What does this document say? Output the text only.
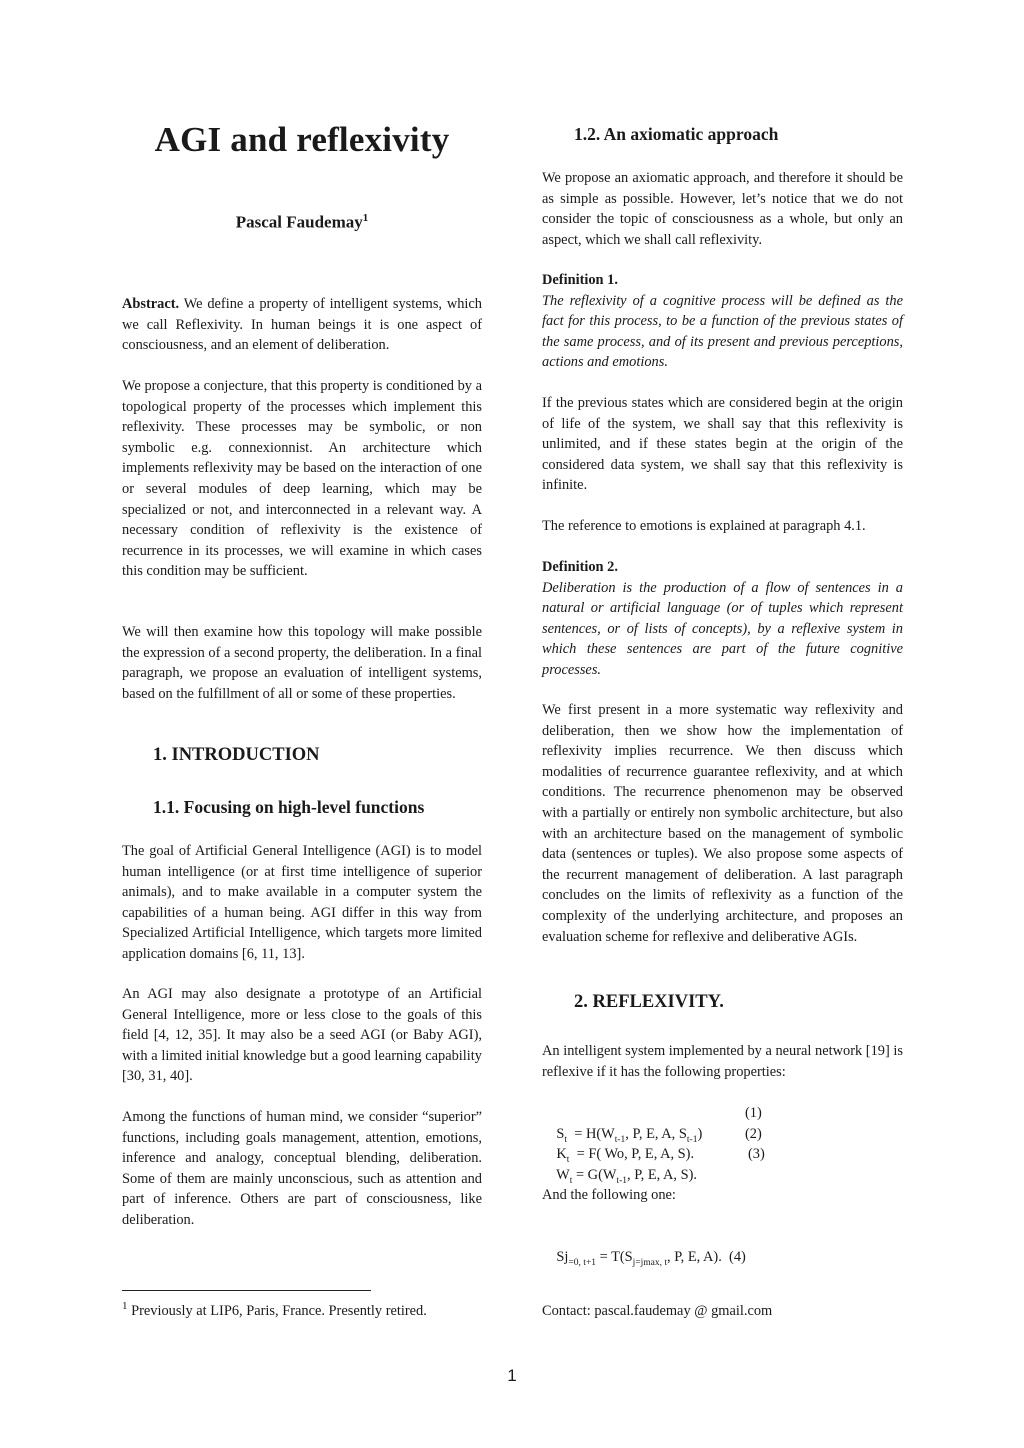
AGI and reflexivity
Pascal Faudemay$^1$

Abstract. We define a property of intelligent systems, which we call Reflexivity. In human beings it is one aspect of consciousness, and an element of deliberation.

We propose a conjecture, that this property is conditioned by a topological property of the processes which implement this reflexivity. These processes may be symbolic, or non symbolic e.g. connexionnist. An architecture which implements reflexivity may be based on the interaction of one or several modules of deep learning, which may be specialized or not, and interconnected in a relevant way. A necessary condition of reflexivity is the existence of recurrence in its processes, we will examine in which cases this condition may be sufficient.

We will then examine how this topology will make possible the expression of a second property, the deliberation. In a final paragraph, we propose an evaluation of intelligent systems, based on the fulfillment of all or some of these properties.

1. INTRODUCTION
1.1. Focusing on high-level functions

The goal of Artificial General Intelligence (AGI) is to model human intelligence (or at first time intelligence of superior animals), and to make available in a computer system the capabilities of a human being. AGI differ in this way from Specialized Artificial Intelligence, which targets more limited application domains [6, 11, 13].

An AGI may also designate a prototype of an Artificial General Intelligence, more or less close to the goals of this field [4, 12, 35]. It may also be a seed AGI (or Baby AGI), with a limited initial knowledge but a good learning capability [30, 31, 40].

Among the functions of human mind, we consider “superior” functions, including goals management, attention, emotions, inference and analogy, conceptual blending, deliberation. Some of them are mainly unconscious, such as attention and part of inference. Others are part of consciousness, like deliberation.

1.2. An axiomatic approach

We propose an axiomatic approach, and therefore it should be as simple as possible. However, let’s notice that we do not consider the topic of consciousness as a whole, but only an aspect, which we shall call reflexivity.

Definition 1.

The reflexivity of a cognitive process will be defined as the fact for this process, to be a function of the previous states of the same process, and of its present and previous perceptions, actions and emotions.

If the previous states which are considered begin at the origin of life of the system, we shall say that this reflexivity is unlimited, and if these states begin at the origin of the considered data system, we shall say that this reflexivity is infinite.

The reference to emotions is explained at paragraph 4.1.

Definition 2.

Deliberation is the production of a flow of sentences in a natural or artificial language (or of tuples which represent sentences, or of lists of concepts), by a reflexive system in which these sentences are part of the future cognitive processes.

We first present in a more systematic way reflexivity and deliberation, then we show how the implementation of reflexivity implies recurrence. We then discuss which modalities of recurrence guarantee reflexivity, and at which conditions. The recurrence phenomenon may be observed with a partially or entirely non symbolic architecture, but also with an architecture based on the management of symbolic data (sentences or tuples). We also propose some aspects of the recurrent management of deliberation. A last paragraph concludes on the limits of reflexivity as a function of the complexity of the underlying architecture, and proposes an evaluation scheme for reflexive and deliberative AGIs.

2. REFLEXIVITY.

An intelligent system implemented by a neural network [19] is reflexive if it has the following properties:

$S_t = H(W_{t-1}$, P, E, A, $S_{t-1}$)

(1)

$K_t = F$( Wo, P, E, A, S).

(2)

$W_t = G(W_{t-1}$, P, E, A, S).

(3)

And the following one:

$Sj_{=0, t+1} = T(S_{j=jmax, t}$, P, E, A). (4)

$^1$ Previously at LIP6, Paris, France. Presently retired.	Contact: pascal.faudemay @ gmail.com
1
